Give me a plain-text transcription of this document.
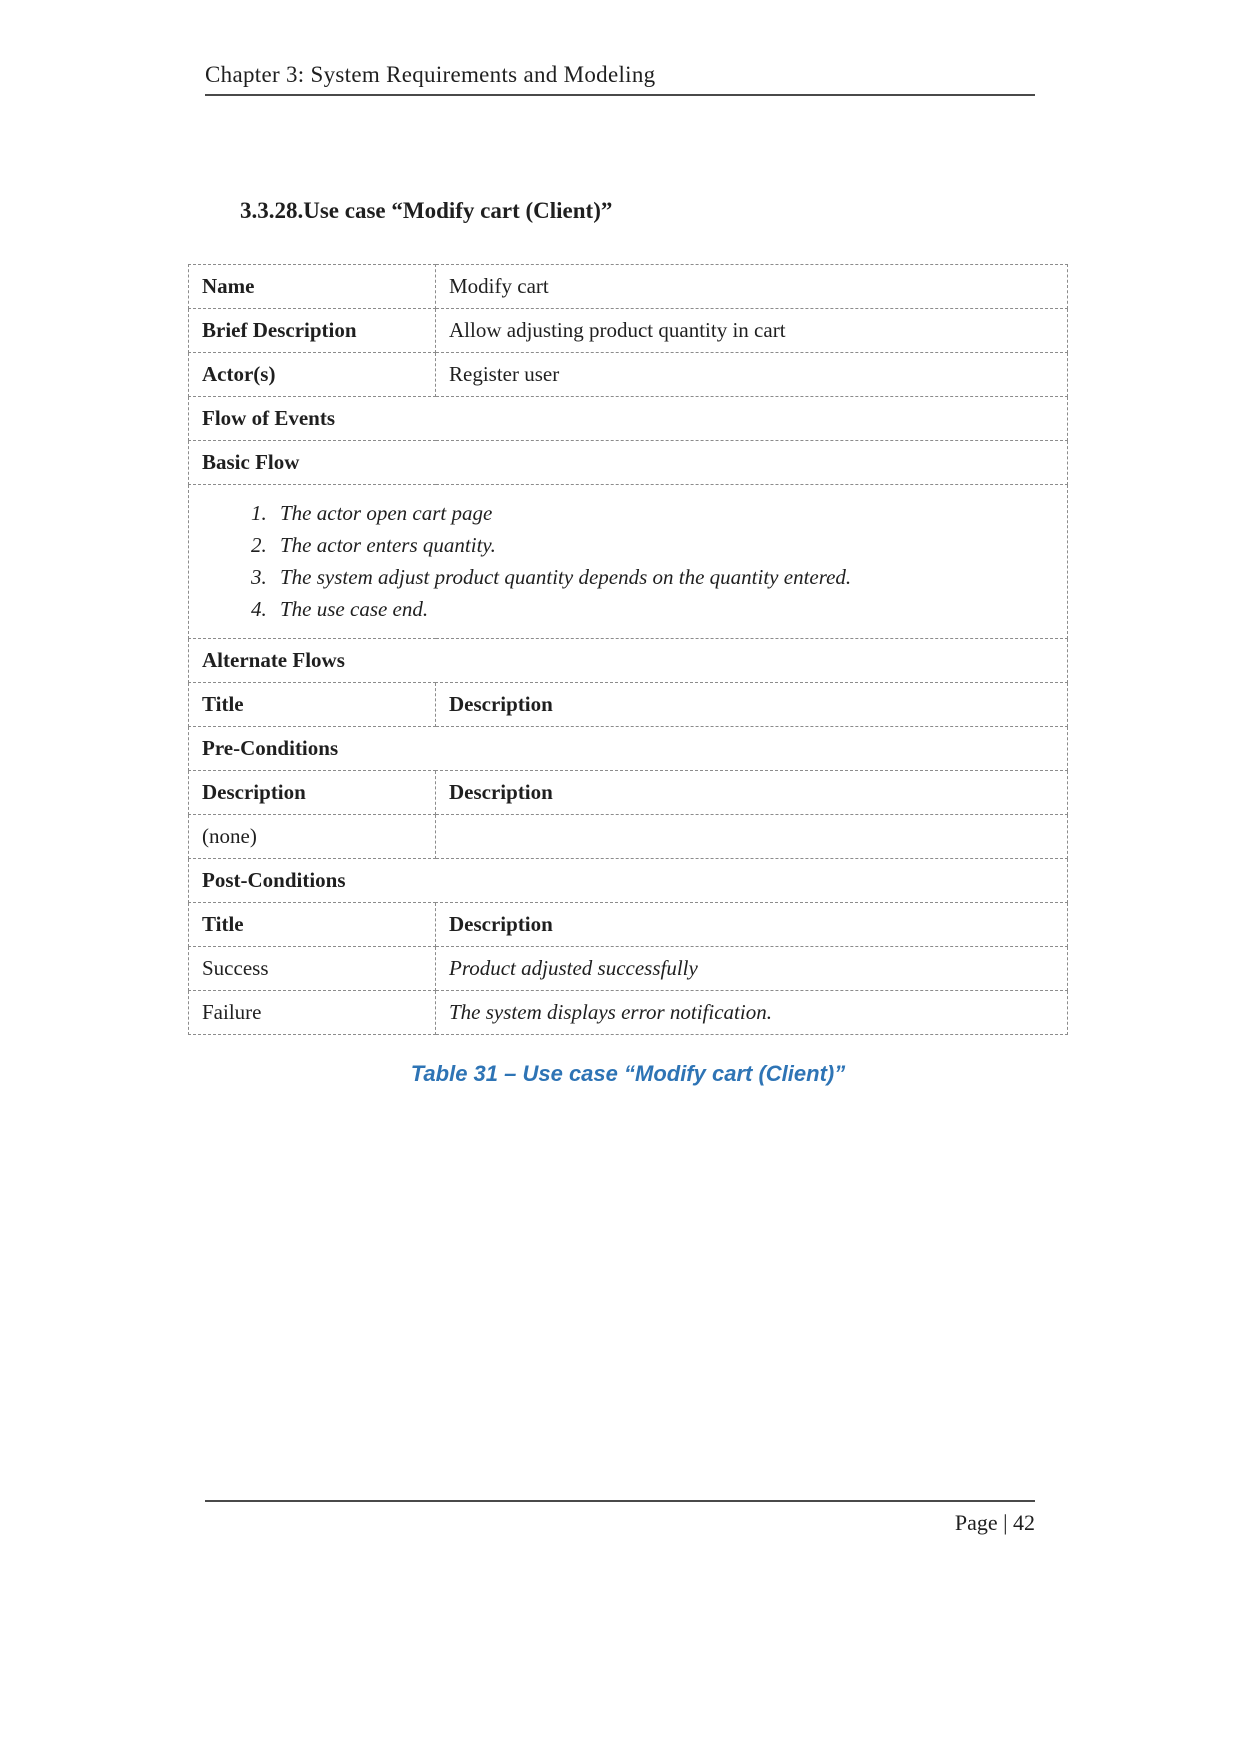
Chapter 3: System Requirements and Modeling
3.3.28.Use case “Modify cart (Client)”
Name	Modify cart
Brief Description	Allow adjusting product quantity in cart
Actor(s)	Register user
Flow of Events	
Basic Flow	

1. The actor open cart page
2. The actor enters quantity.
3. The system adjust product quantity depends on the quantity entered.
4. The use case end.

Alternate Flows	
Title	Description
Pre-Conditions	
Description	Description
(none)	
Post-Conditions	
Title	Description
Success	Product adjusted successfully
Failure	The system displays error notification.
Table 31 – Use case “Modify cart (Client)”
Page | 42
